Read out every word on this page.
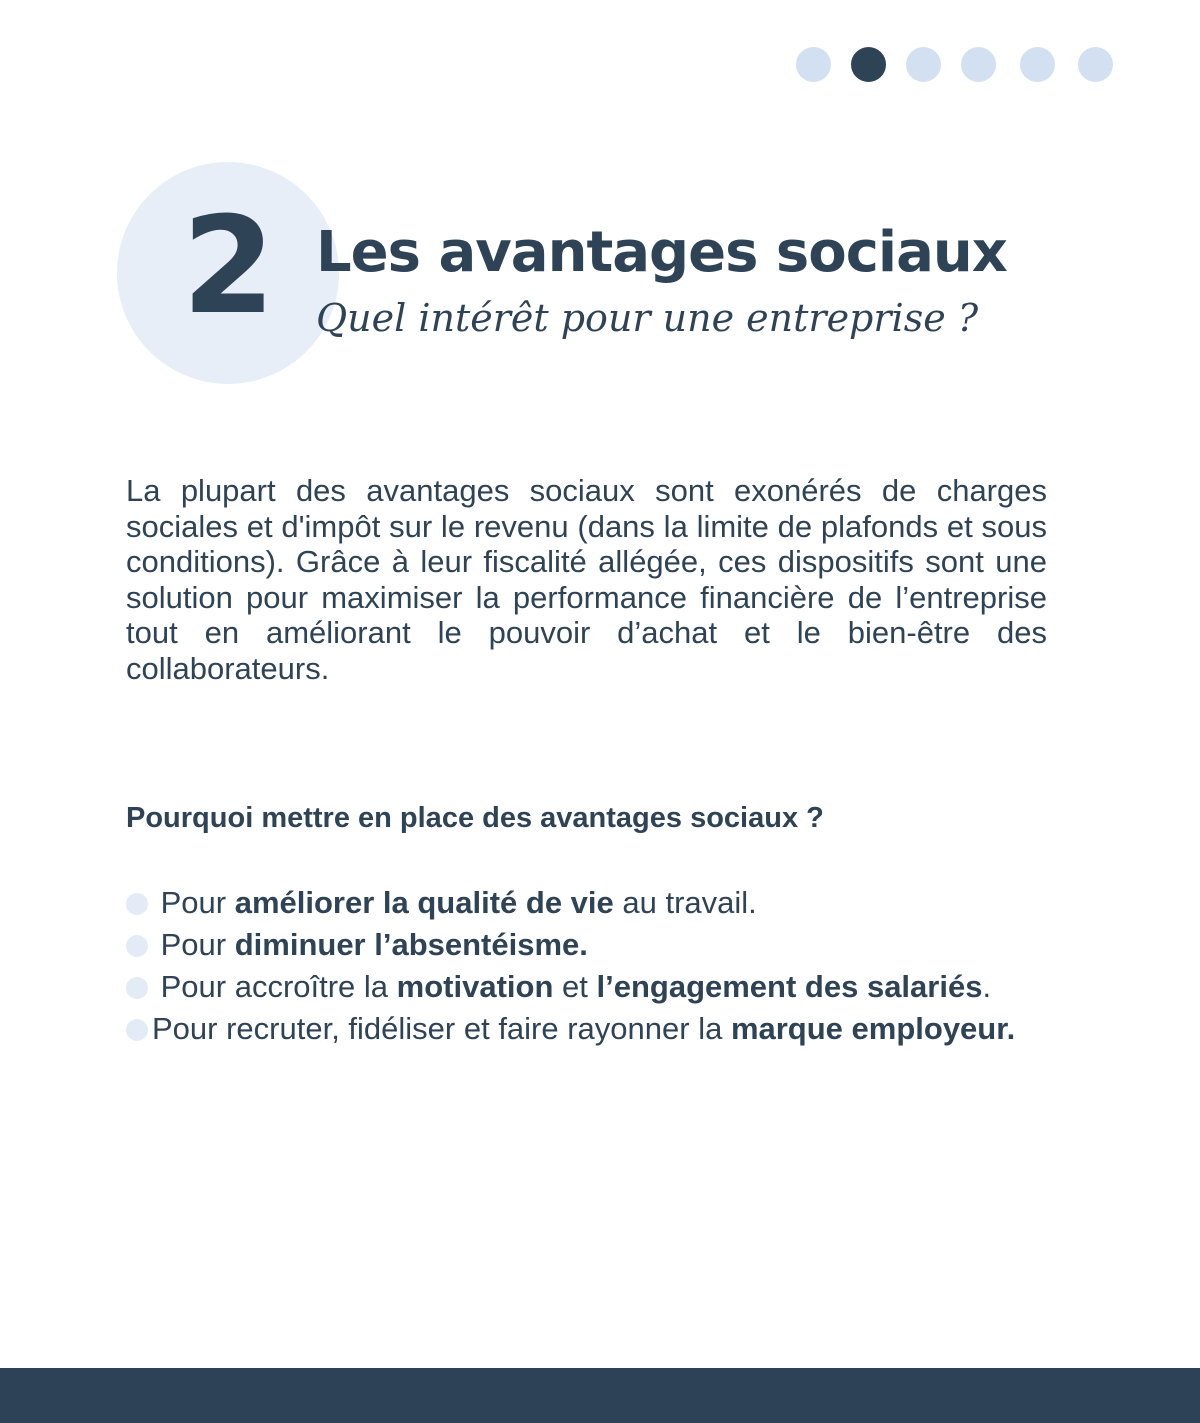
2 Les avantages sociaux
Quel intérêt pour une entreprise ?

La plupart des avantages sociaux sont exonérés de charges sociales et d'impôt sur le revenu (dans la limite de plafonds et sous conditions). Grâce à leur fiscalité allégée, ces dispositifs sont une solution pour maximiser la performance financière de l’entreprise tout en améliorant le pouvoir d’achat et le bien-être des collaborateurs.

Pourquoi mettre en place des avantages sociaux ?

Pour améliorer la qualité de vie au travail.
Pour diminuer l’absentéisme.
Pour accroître la motivation et l’engagement des salariés.
Pour recruter, fidéliser et faire rayonner la marque employeur.
